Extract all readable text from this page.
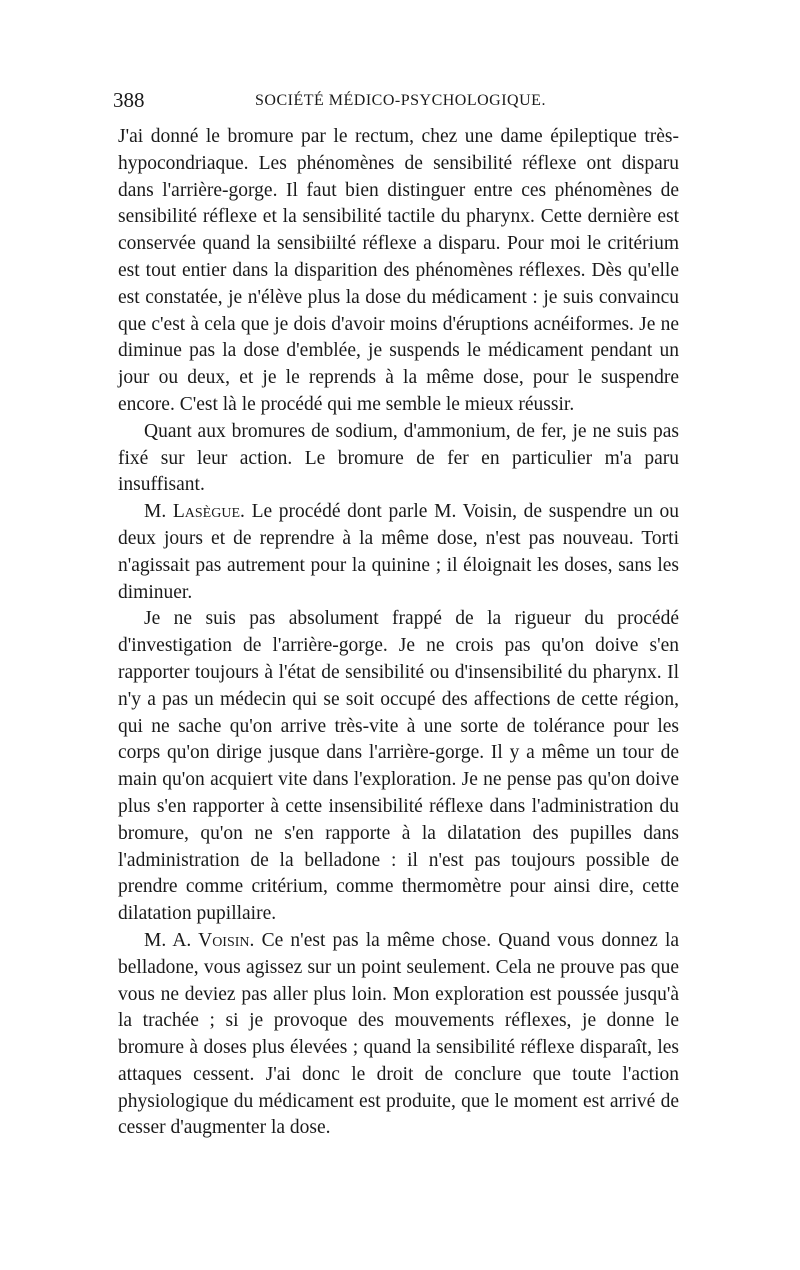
388	SOCIÉTÉ MÉDICO-PSYCHOLOGIQUE.

J'ai donné le bromure par le rectum, chez une dame épileptique très-hypocondriaque. Les phénomènes de sensibilité réflexe ont disparu dans l'arrière-gorge. Il faut bien distinguer entre ces phénomènes de sensibilité réflexe et la sensibilité tactile du pharynx. Cette dernière est conservée quand la sensibiilté réflexe a disparu. Pour moi le critérium est tout entier dans la disparition des phénomènes réflexes. Dès qu'elle est constatée, je n'élève plus la dose du médicament : je suis convaincu que c'est à cela que je dois d'avoir moins d'éruptions acnéiformes. Je ne diminue pas la dose d'emblée, je suspends le médicament pendant un jour ou deux, et je le reprends à la même dose, pour le suspendre encore. C'est là le procédé qui me semble le mieux réussir.

Quant aux bromures de sodium, d'ammonium, de fer, je ne suis pas fixé sur leur action. Le bromure de fer en particulier m'a paru insuffisant.

M. Lasègue. Le procédé dont parle M. Voisin, de suspendre un ou deux jours et de reprendre à la même dose, n'est pas nouveau. Torti n'agissait pas autrement pour la quinine ; il éloignait les doses, sans les diminuer.

Je ne suis pas absolument frappé de la rigueur du procédé d'investigation de l'arrière-gorge. Je ne crois pas qu'on doive s'en rapporter toujours à l'état de sensibilité ou d'insensibilité du pharynx. Il n'y a pas un médecin qui se soit occupé des affections de cette région, qui ne sache qu'on arrive très-vite à une sorte de tolérance pour les corps qu'on dirige jusque dans l'arrière-gorge. Il y a même un tour de main qu'on acquiert vite dans l'exploration. Je ne pense pas qu'on doive plus s'en rapporter à cette insensibilité réflexe dans l'administration du bromure, qu'on ne s'en rapporte à la dilatation des pupilles dans l'administration de la belladone : il n'est pas toujours possible de prendre comme critérium, comme thermomètre pour ainsi dire, cette dilatation pupillaire.

M. A. Voisin. Ce n'est pas la même chose. Quand vous donnez la belladone, vous agissez sur un point seulement. Cela ne prouve pas que vous ne deviez pas aller plus loin. Mon exploration est poussée jusqu'à la trachée ; si je provoque des mouvements réflexes, je donne le bromure à doses plus élevées ; quand la sensibilité réflexe disparaît, les attaques cessent. J'ai donc le droit de conclure que toute l'action physiologique du médicament est produite, que le moment est arrivé de cesser d'augmenter la dose.
